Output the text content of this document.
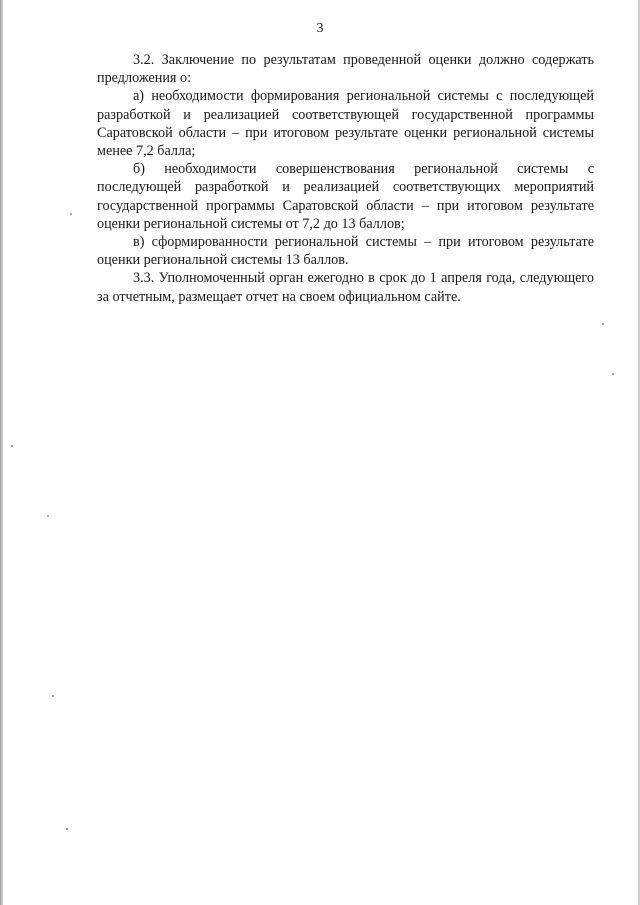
3

3.2. Заключение по результатам проведенной оценки должно содержать предложения о:

а) необходимости формирования региональной системы с последующей разработкой и реализацией соответствующей государственной программы Саратовской области – при итоговом результате оценки региональной системы менее 7,2 балла;

б) необходимости совершенствования региональной системы с последующей разработкой и реализацией соответствующих мероприятий государственной программы Саратовской области – при итоговом результате оценки региональной системы от 7,2 до 13 баллов;

в) сформированности региональной системы – при итоговом результате оценки региональной системы 13 баллов.

3.3. Уполномоченный орган ежегодно в срок до 1 апреля года, следующего за отчетным, размещает отчет на своем официальном сайте.
